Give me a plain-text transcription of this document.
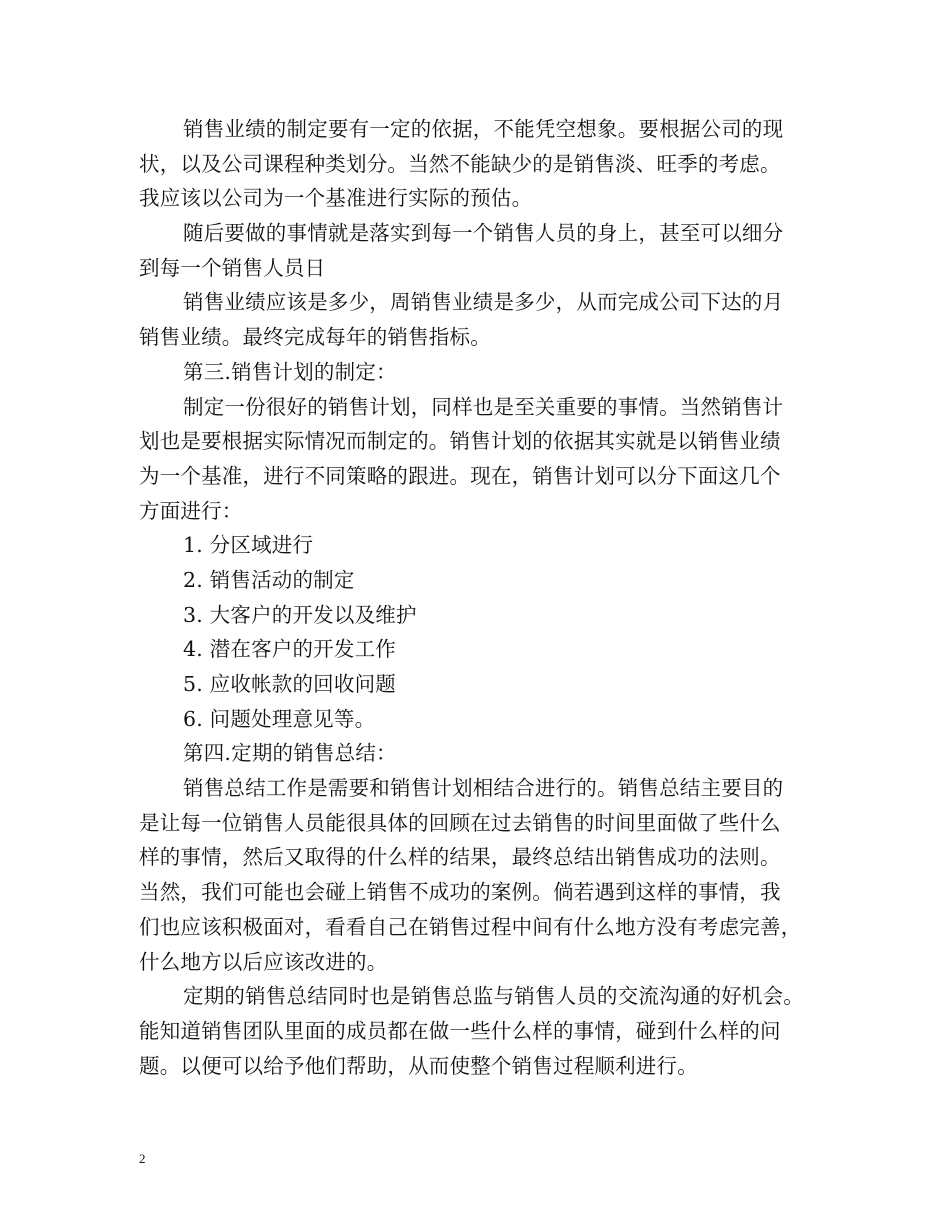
销售业绩的制定要有一定的依据，不能凭空想象。要根据公司的现
状，以及公司课程种类划分。当然不能缺少的是销售淡、旺季的考虑。
我应该以公司为一个基准进行实际的预估。
随后要做的事情就是落实到每一个销售人员的身上，甚至可以细分
到每一个销售人员日
销售业绩应该是多少，周销售业绩是多少，从而完成公司下达的月
销售业绩。最终完成每年的销售指标。
第三.销售计划的制定：
制定一份很好的销售计划，同样也是至关重要的事情。当然销售计
划也是要根据实际情况而制定的。销售计划的依据其实就是以销售业绩
为一个基准，进行不同策略的跟进。现在，销售计划可以分下面这几个
方面进行：
1. 分区域进行
2. 销售活动的制定
3. 大客户的开发以及维护
4. 潜在客户的开发工作
5. 应收帐款的回收问题
6. 问题处理意见等。
第四.定期的销售总结：
销售总结工作是需要和销售计划相结合进行的。销售总结主要目的
是让每一位销售人员能很具体的回顾在过去销售的时间里面做了些什么
样的事情，然后又取得的什么样的结果，最终总结出销售成功的法则。
当然，我们可能也会碰上销售不成功的案例。倘若遇到这样的事情，我
们也应该积极面对，看看自己在销售过程中间有什么地方没有考虑完善，
什么地方以后应该改进的。
定期的销售总结同时也是销售总监与销售人员的交流沟通的好机会。
能知道销售团队里面的成员都在做一些什么样的事情，碰到什么样的问
题。以便可以给予他们帮助，从而使整个销售过程顺利进行。
2
